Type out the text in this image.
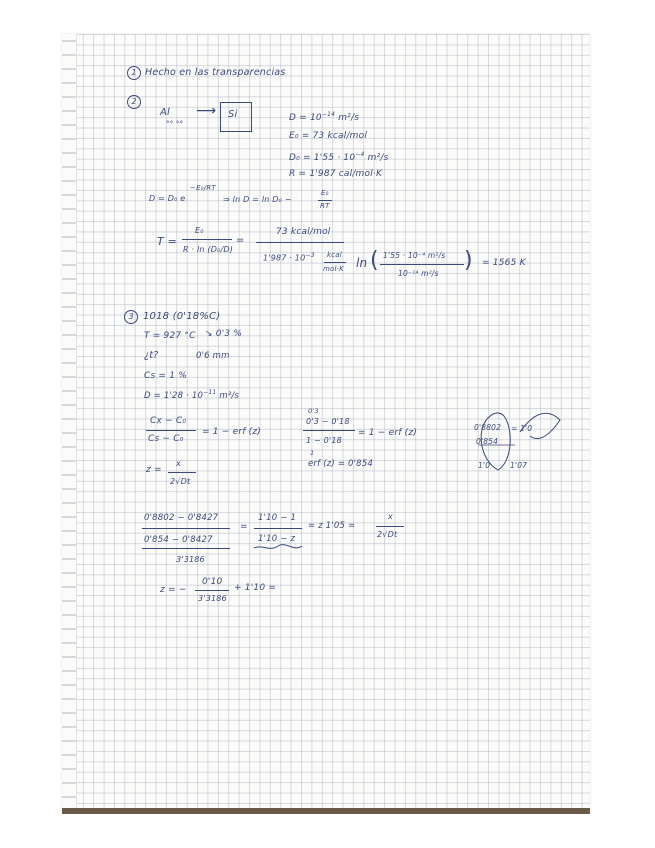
1 Hecho en las transparencias
2
Al
°° °°
⟶ Si	$D = 10^{-14}$ m²/s
E₀ = 73 kcal/mol
$D_0 = 1'55 \cdot 10^{-4}$ m²/s
R = 1'987 cal/mol·K
D = D₀ e
−E₀/RT
⇒ ln D = ln D₀ −
E₀
RT
T =
E₀
R · ln (D₀/D)
=
73 kcal/mol
$1'987 \cdot 10^{-3}$ kcal
mol·K ln ( 1'55 · 10⁻⁴ m²/s
10⁻¹⁴ m²/s
) = 1565 K
3 1018 (0'18%C)
T = 927 °C ↘ 0'3 %
¿t?	0'6 mm
Cs = 1 %
$D = 1'28 \cdot 10^{-11}$ m²/s
Cx − C₀
Cs − C₀
= 1 − erf (z)
0'3
0'3 − 0'18
1 − 0'18
1
= 1 − erf (z)
erf (z) = 0'854
z =
x
2√Dt
0'8802
0'854
1'0	1'07
= 1'0
0'8802 − 0'8427
0'854 − 0'8427
3'3186
=
1'10 − 1
1'10 − z
= z 1'05 =
x
2√Dt
z = −
0'10
3'3186
+ 1'10 =
